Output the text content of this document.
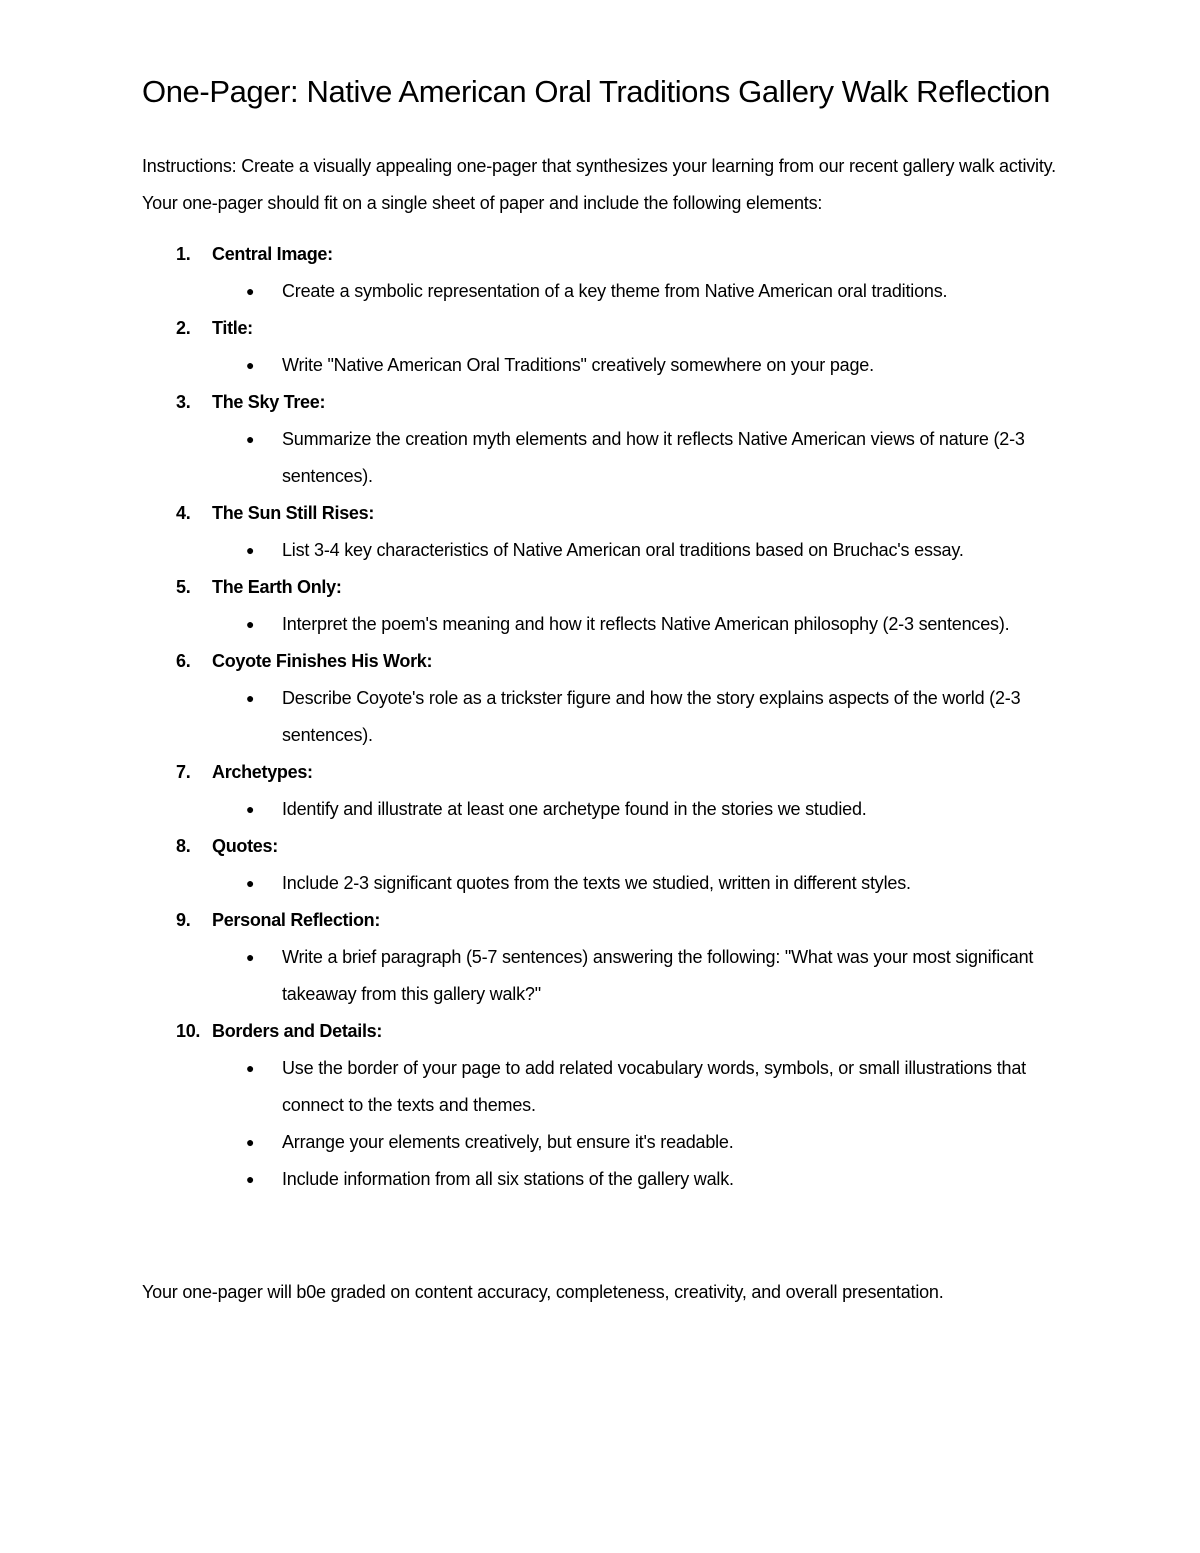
One-Pager: Native American Oral Traditions Gallery Walk Reflection

Instructions: Create a visually appealing one-pager that synthesizes your learning from our recent gallery walk activity. Your one-pager should fit on a single sheet of paper and include the following elements:

1.	Central Image:
● Create a symbolic representation of a key theme from Native American oral traditions.
2.	Title:
● Write "Native American Oral Traditions" creatively somewhere on your page.
3.	The Sky Tree:
● Summarize the creation myth elements and how it reflects Native American views of nature (2-3 sentences).
4.	The Sun Still Rises:
● List 3-4 key characteristics of Native American oral traditions based on Bruchac's essay.
5.	The Earth Only:
● Interpret the poem's meaning and how it reflects Native American philosophy (2-3 sentences).
6.	Coyote Finishes His Work:
● Describe Coyote's role as a trickster figure and how the story explains aspects of the world (2-3 sentences).
7.	Archetypes:
● Identify and illustrate at least one archetype found in the stories we studied.
8.	Quotes:
● Include 2-3 significant quotes from the texts we studied, written in different styles.
9.	Personal Reflection:
● Write a brief paragraph (5-7 sentences) answering the following: "What was your most significant takeaway from this gallery walk?"
10. Borders and Details:
● Use the border of your page to add related vocabulary words, symbols, or small illustrations that connect to the texts and themes.
● Arrange your elements creatively, but ensure it's readable.
● Include information from all six stations of the gallery walk.

Your one-pager will b0e graded on content accuracy, completeness, creativity, and overall presentation.
